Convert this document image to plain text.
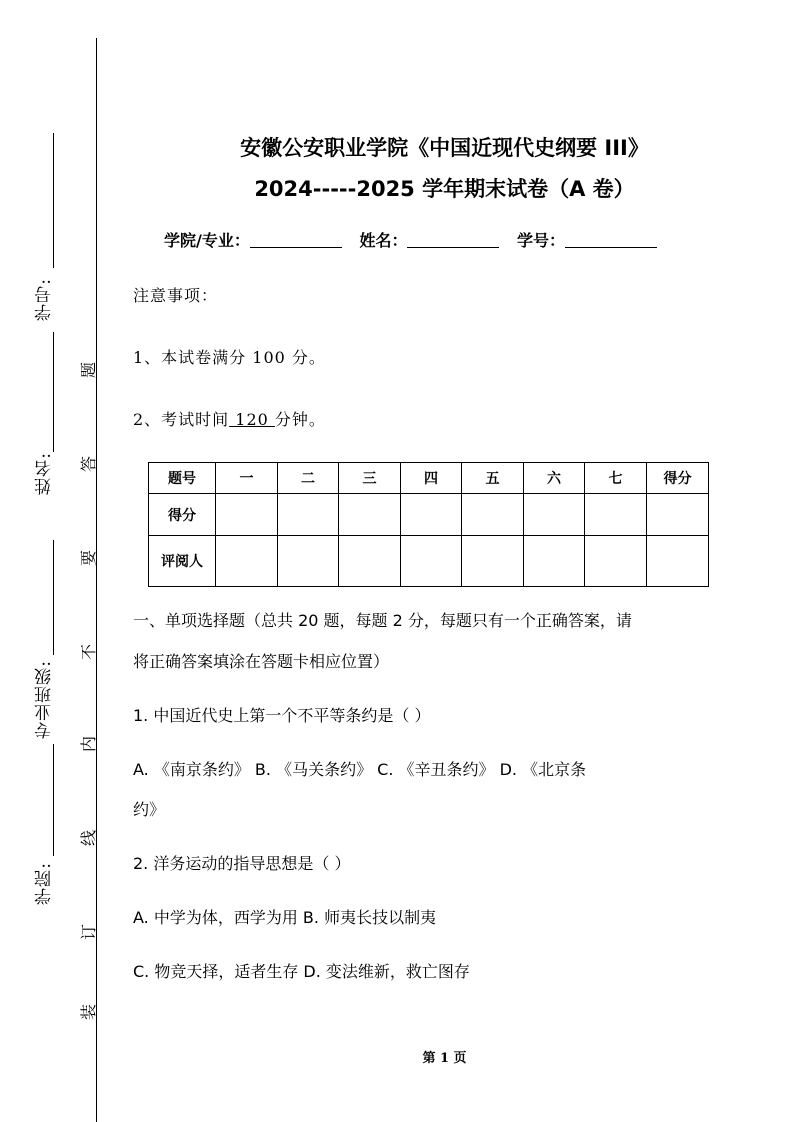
学号:
姓名:
专业班级:
学院:
题
答
要
不
内
线
订
装
安徽公安职业学院《中国近现代史纲要 III》
2024-----2025 学年期末试卷（A 卷）
学院/专业：	姓名：	学号：
注意事项：
1、本试卷满分 100 分。
2、考试时间 120 分钟。
题号	一	二	三	四	五	六	七	得分
得分								
评阅人								
一、单项选择题（总共 20 题，每题 2 分，每题只有一个正确答案，请
将正确答案填涂在答题卡相应位置）
1. 中国近代史上第一个不平等条约是（ ）
A. 《南京条约》 B. 《马关条约》 C. 《辛丑条约》 D. 《北京条
约》
2. 洋务运动的指导思想是（ ）
A. 中学为体，西学为用 B. 师夷长技以制夷
C. 物竞天择，适者生存 D. 变法维新，救亡图存
第 1 页
